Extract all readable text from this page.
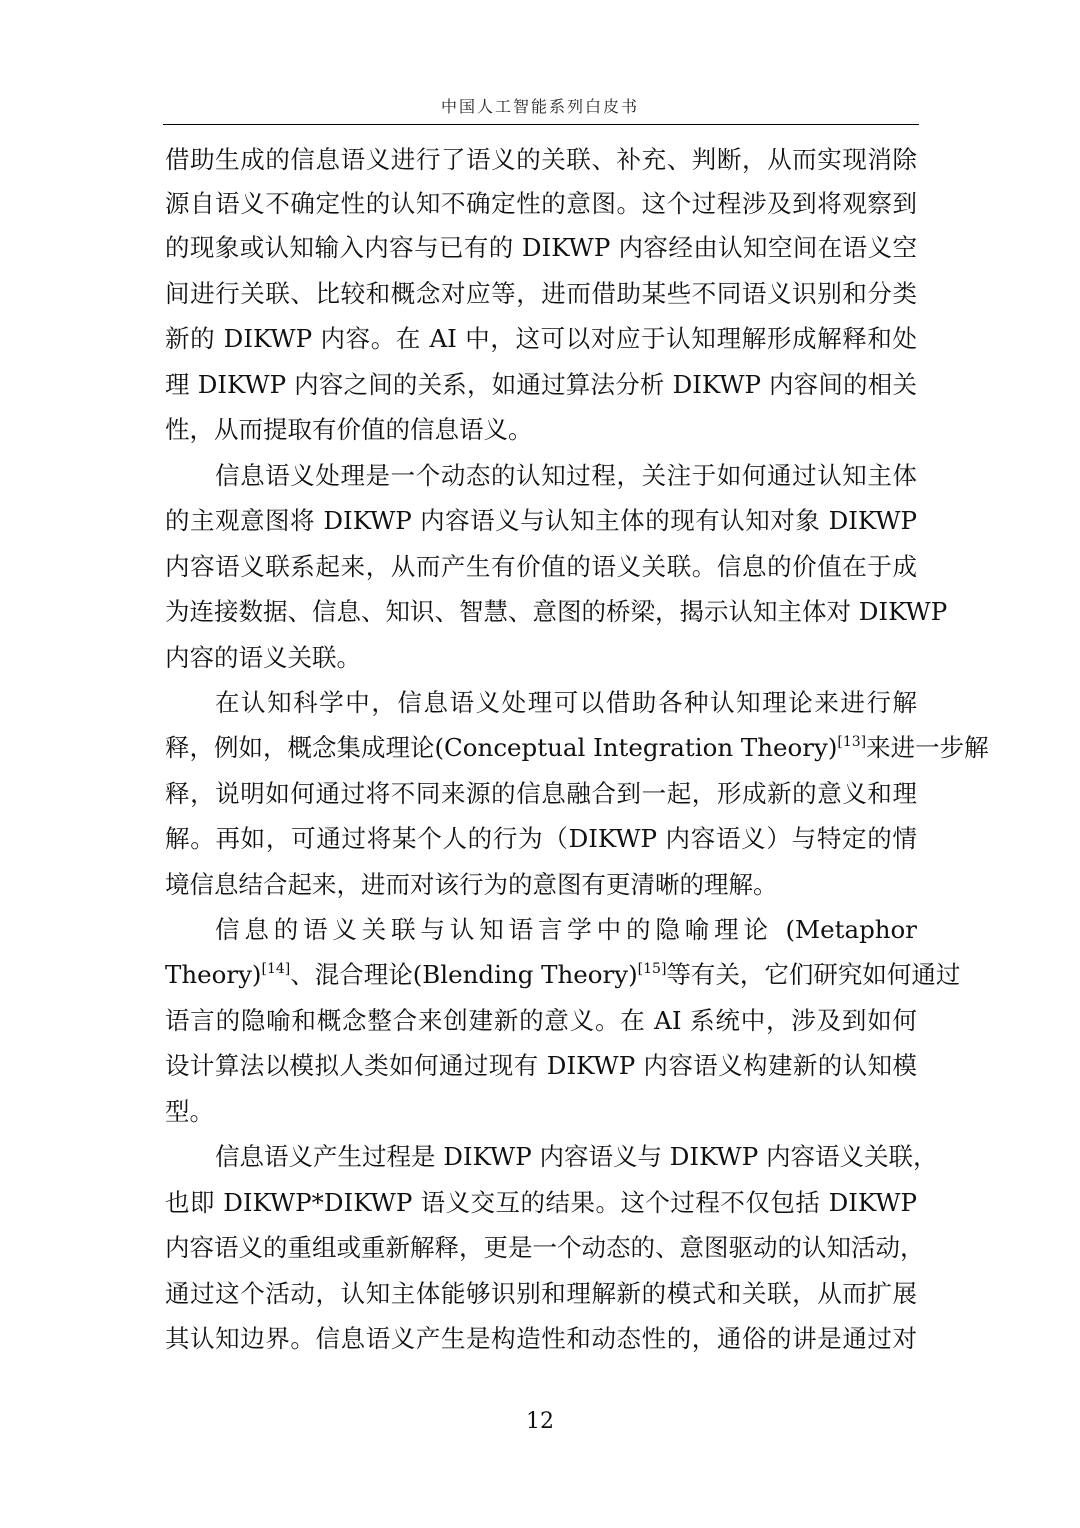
中国人工智能系列白皮书
借助生成的信息语义进行了语义的关联、补充、判断，从而实现消除
源自语义不确定性的认知不确定性的意图。这个过程涉及到将观察到
的现象或认知输入内容与已有的 DIKWP 内容经由认知空间在语义空
间进行关联、比较和概念对应等，进而借助某些不同语义识别和分类
新的 DIKWP 内容。在 AI 中，这可以对应于认知理解形成解释和处
理 DIKWP 内容之间的关系，如通过算法分析 DIKWP 内容间的相关
性，从而提取有价值的信息语义。
信息语义处理是一个动态的认知过程，关注于如何通过认知主体
的主观意图将 DIKWP 内容语义与认知主体的现有认知对象 DIKWP
内容语义联系起来，从而产生有价值的语义关联。信息的价值在于成
为连接数据、信息、知识、智慧、意图的桥梁，揭示认知主体对 DIKWP
内容的语义关联。
在认知科学中，信息语义处理可以借助各种认知理论来进行解
释，例如，概念集成理论(Conceptual Integration Theory)[13]来进一步解
释，说明如何通过将不同来源的信息融合到一起，形成新的意义和理
解。再如，可通过将某个人的行为（DIKWP 内容语义）与特定的情
境信息结合起来，进而对该行为的意图有更清晰的理解。
信息的语义关联与认知语言学中的隐喻理论 (Metaphor
Theory)[14]、混合理论(Blending Theory)[15]等有关，它们研究如何通过
语言的隐喻和概念整合来创建新的意义。在 AI 系统中，涉及到如何
设计算法以模拟人类如何通过现有 DIKWP 内容语义构建新的认知模
型。
信息语义产生过程是 DIKWP 内容语义与 DIKWP 内容语义关联，
也即 DIKWP*DIKWP 语义交互的结果。这个过程不仅包括 DIKWP
内容语义的重组或重新解释，更是一个动态的、意图驱动的认知活动，
通过这个活动，认知主体能够识别和理解新的模式和关联，从而扩展
其认知边界。信息语义产生是构造性和动态性的，通俗的讲是通过对
12
